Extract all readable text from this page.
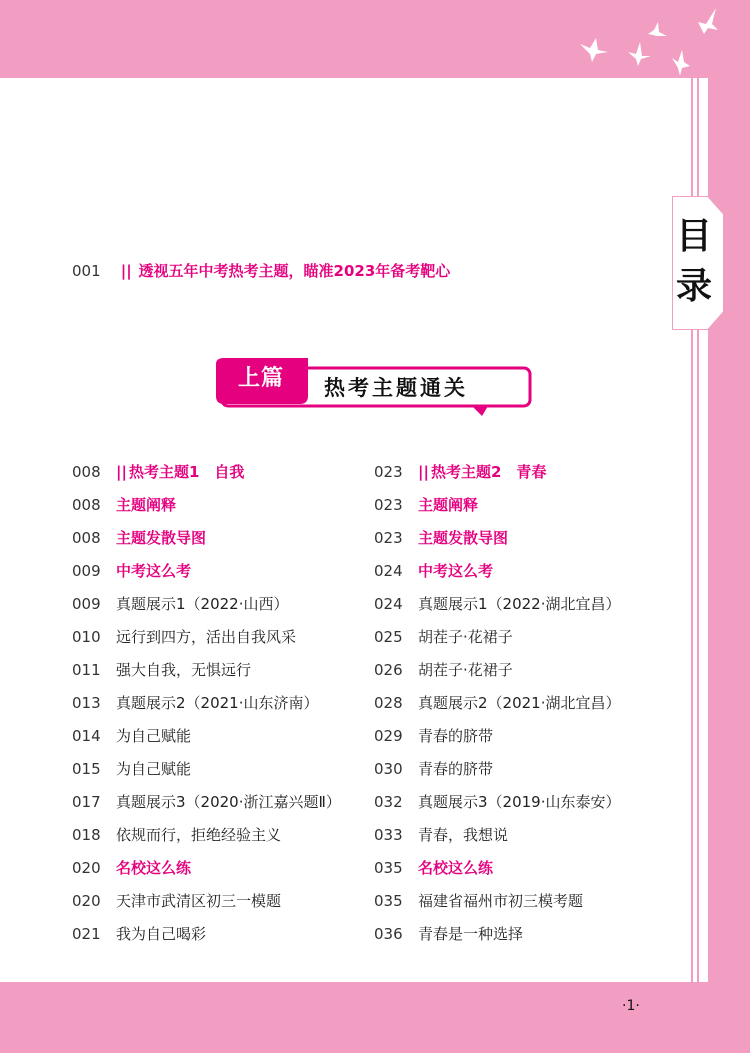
目
录
001 || 透视五年中考热考主题，瞄准2023年备考靶心
上篇 热考主题通关
008 || 热考主题1　自我
008 主题阐释
008 主题发散导图
009 中考这么考
009 真题展示1（2022·山西）
010 远行到四方，活出自我风采
011 强大自我，无惧远行
013 真题展示2（2021·山东济南）
014 为自己赋能
015 为自己赋能
017 真题展示3（2020·浙江嘉兴题Ⅱ）
018 依规而行，拒绝经验主义
020 名校这么练
020 天津市武清区初三一模题
021 我为自己喝彩
023 || 热考主题2　青春
023 主题阐释
023 主题发散导图
024 中考这么考
024 真题展示1（2022·湖北宜昌）
025 胡茬子·花裙子
026 胡茬子·花裙子
028 真题展示2（2021·湖北宜昌）
029 青春的脐带
030 青春的脐带
032 真题展示3（2019·山东泰安）
033 青春，我想说
035 名校这么练
035 福建省福州市初三模考题
036 青春是一种选择
·1·
